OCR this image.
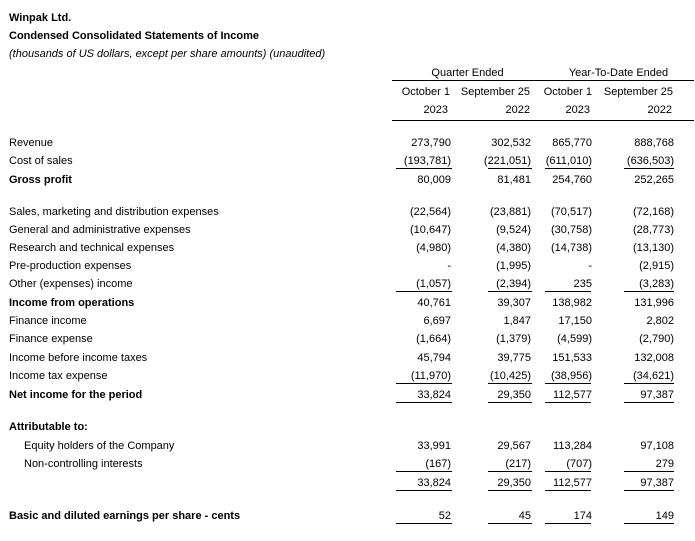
Winpak Ltd.
Condensed Consolidated Statements of Income
(thousands of US dollars, except per share amounts) (unaudited)
Quarter Ended	Year-To-Date Ended
October 1 September 25	October 1	September 25
2023	2022	2023	2022
Revenue	273,790	302,532	865,770	888,768
Cost of sales	(193,781)	(221,051)	(611,010)	(636,503)
Gross profit	80,009	81,481	254,760	252,265
Sales, marketing and distribution expenses	(22,564)	(23,881)	(70,517)	(72,168)
General and administrative expenses	(10,647)	(9,524)	(30,758)	(28,773)
Research and technical expenses	(4,980)	(4,380)	(14,738)	(13,130)
Pre-production expenses	-	(1,995)	-	(2,915)
Other (expenses) income	(1,057)	(2,394)	235	(3,283)
Income from operations	40,761	39,307	138,982	131,996
Finance income	6,697	1,847	17,150	2,802
Finance expense	(1,664)	(1,379)	(4,599)	(2,790)
Income before income taxes	45,794	39,775	151,533	132,008
Income tax expense	(11,970)	(10,425)	(38,956)	(34,621)
Net income for the period	33,824	29,350	112,577	97,387
Attributable to:
Equity holders of the Company	33,991	29,567	113,284	97,108
Non-controlling interests	(167)	(217)	(707)	279
33,824	29,350	112,577	97,387
Basic and diluted earnings per share - cents	52	45	174	149
